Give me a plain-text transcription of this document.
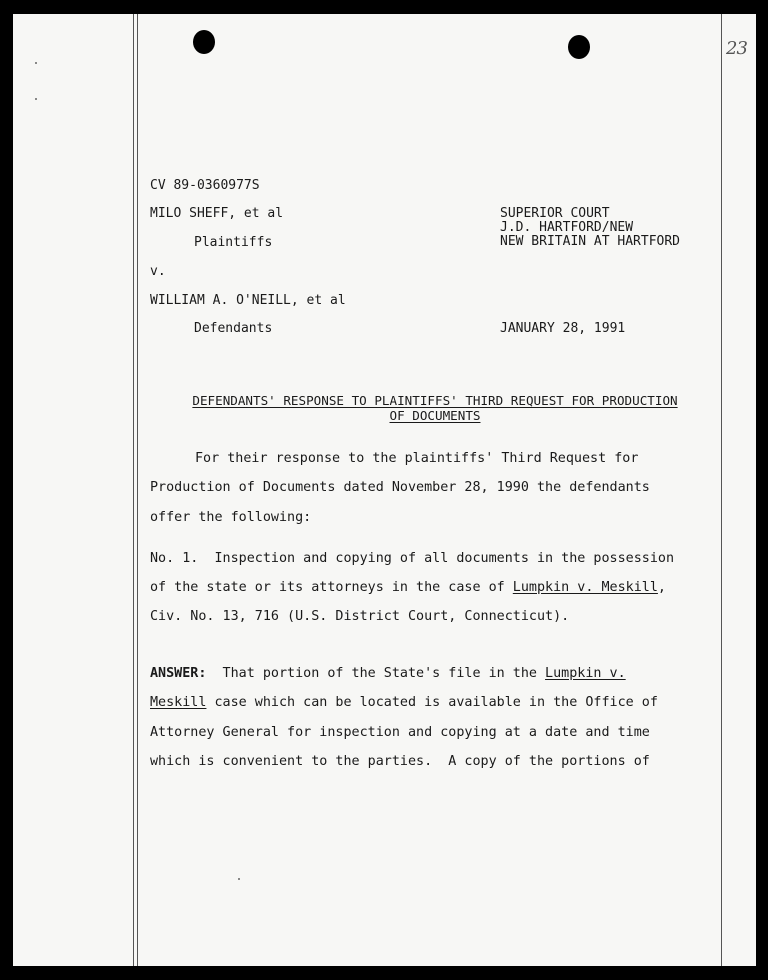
23
CV 89-0360977S
MILO SHEFF, et al
Plaintiffs
v.
WILLIAM A. O'NEILL, et al
Defendants
SUPERIOR COURT
J.D. HARTFORD/NEW
NEW BRITAIN AT HARTFORD
JANUARY 28, 1991
DEFENDANTS' RESPONSE TO PLAINTIFFS' THIRD REQUEST FOR PRODUCTION
OF DOCUMENTS
For their response to the plaintiffs' Third Request for
Production of Documents dated November 28, 1990 the defendants
offer the following:
No. 1.  Inspection and copying of all documents in the possession
of the state or its attorneys in the case of Lumpkin v. Meskill,
Civ. No. 13, 716 (U.S. District Court, Connecticut).
ANSWER:  That portion of the State's file in the Lumpkin v.
Meskill case which can be located is available in the Office of
Attorney General for inspection and copying at a date and time
which is convenient to the parties.  A copy of the portions of
